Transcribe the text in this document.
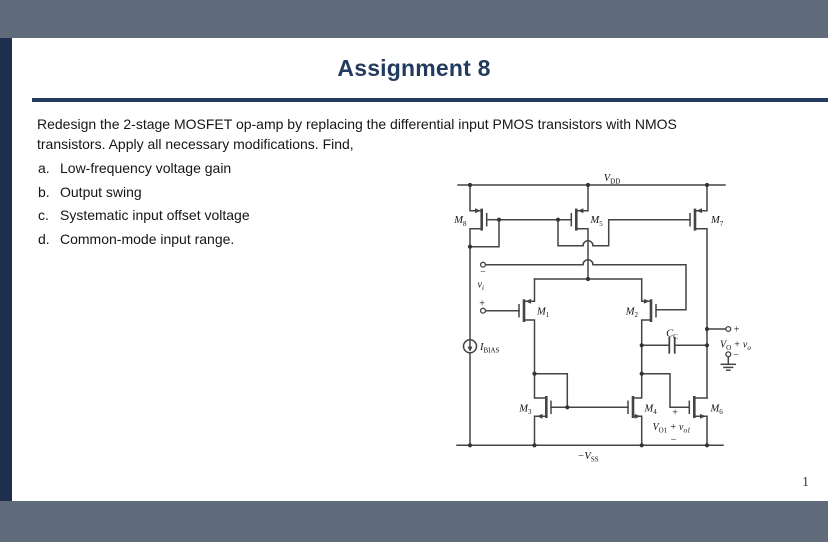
Assignment 8
Redesign the 2-stage MOSFET op-amp by replacing the differential input PMOS transistors with NMOS
transistors. Apply all necessary modifications. Find,
a. Low-frequency voltage gain
b. Output swing
c. Systematic input offset voltage
d. Common-mode input range.
$V_{DD}$
$-V_{SS}$
$M_8$	$M_5$	$M_7$
$M_1$	$M_2$
$M_3$	$M_4$	$M_6$
$I_{BIAS}$
$C_C$
$v_i$
$V_O + v_o$
$V_{O1} + v_{o1}$
−
+
+
−
+
−
1
